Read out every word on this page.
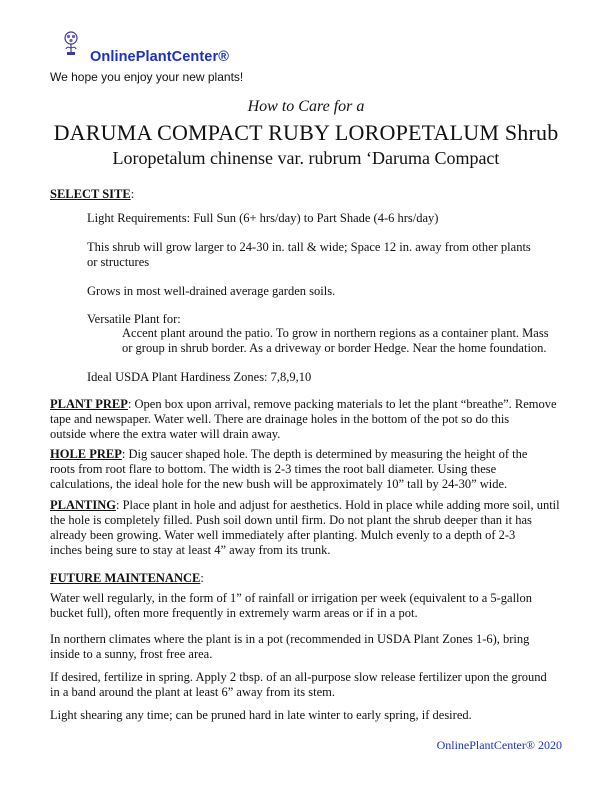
OnlinePlantCenter®
We hope you enjoy your new plants!
How to Care for a
DARUMA COMPACT RUBY LOROPETALUM Shrub
Loropetalum chinense var. rubrum ‘Daruma Compact
SELECT SITE:
Light Requirements: Full Sun (6+ hrs/day) to Part Shade (4-6 hrs/day)
This shrub will grow larger to 24-30 in. tall & wide; Space 12 in. away from other plants
or structures
Grows in most well-drained average garden soils.
Versatile Plant for:
Accent plant around the patio. To grow in northern regions as a container plant. Mass
or group in shrub border. As a driveway or border Hedge. Near the home foundation.
Ideal USDA Plant Hardiness Zones: 7,8,9,10
PLANT PREP: Open box upon arrival, remove packing materials to let the plant “breathe”. Remove
tape and newspaper. Water well. There are drainage holes in the bottom of the pot so do this
outside where the extra water will drain away.
HOLE PREP: Dig saucer shaped hole. The depth is determined by measuring the height of the
roots from root flare to bottom. The width is 2-3 times the root ball diameter. Using these
calculations, the ideal hole for the new bush will be approximately 10” tall by 24-30” wide.
PLANTING: Place plant in hole and adjust for aesthetics. Hold in place while adding more soil, until
the hole is completely filled. Push soil down until firm. Do not plant the shrub deeper than it has
already been growing. Water well immediately after planting. Mulch evenly to a depth of 2-3
inches being sure to stay at least 4” away from its trunk.
FUTURE MAINTENANCE:
Water well regularly, in the form of 1” of rainfall or irrigation per week (equivalent to a 5-gallon
bucket full), often more frequently in extremely warm areas or if in a pot.
In northern climates where the plant is in a pot (recommended in USDA Plant Zones 1-6), bring
inside to a sunny, frost free area.
If desired, fertilize in spring. Apply 2 tbsp. of an all-purpose slow release fertilizer upon the ground
in a band around the plant at least 6” away from its stem.
Light shearing any time; can be pruned hard in late winter to early spring, if desired.
OnlinePlantCenter® 2020
